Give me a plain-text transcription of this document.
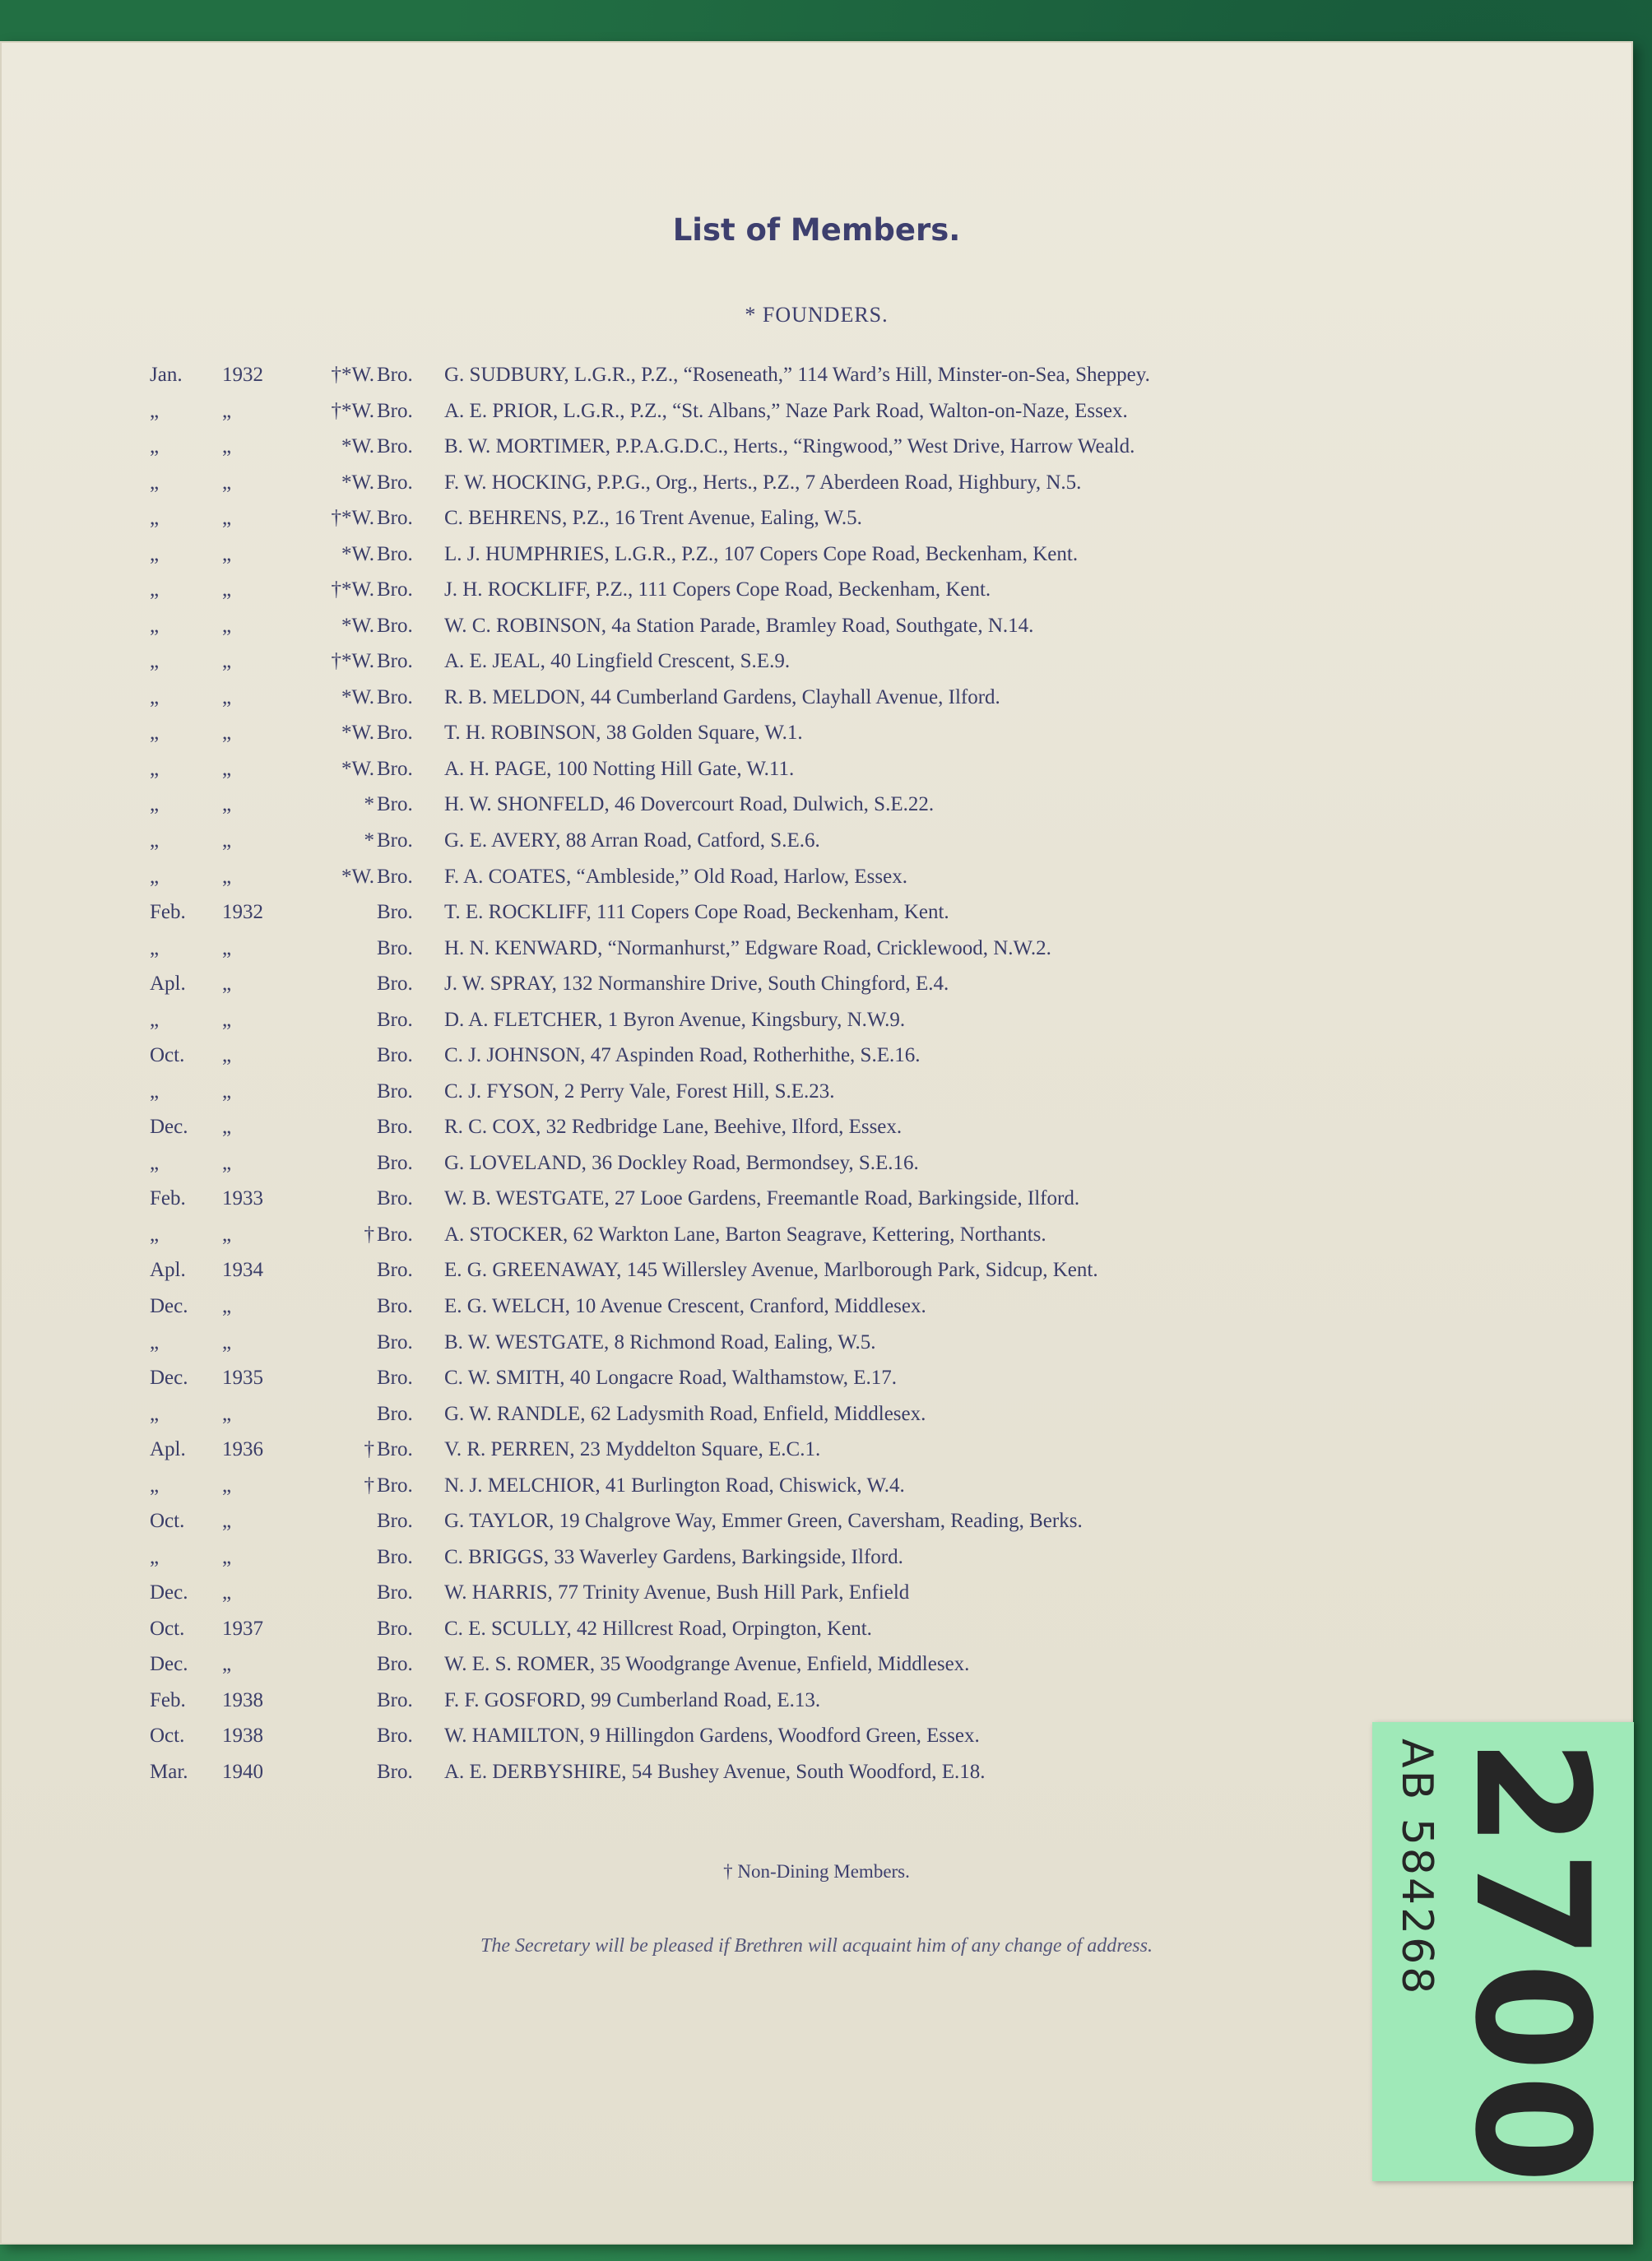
List of Members.
* FOUNDERS.
Jan.	1932	†*W. Bro. G. SUDBURY, L.G.R., P.Z., “Roseneath,” 114 Ward’s Hill, Minster-on-Sea, Sheppey.
„	„	†*W. Bro. A. E. PRIOR, L.G.R., P.Z., “St. Albans,” Naze Park Road, Walton-on-Naze, Essex.
„	„	*W. Bro. B. W. MORTIMER, P.P.A.G.D.C., Herts., “Ringwood,” West Drive, Harrow Weald.
„	„	*W. Bro. F. W. HOCKING, P.P.G., Org., Herts., P.Z., 7 Aberdeen Road, Highbury, N.5.
„	„	†*W. Bro. C. BEHRENS, P.Z., 16 Trent Avenue, Ealing, W.5.
„	„	*W. Bro. L. J. HUMPHRIES, L.G.R., P.Z., 107 Copers Cope Road, Beckenham, Kent.
„	„	†*W. Bro. J. H. ROCKLIFF, P.Z., 111 Copers Cope Road, Beckenham, Kent.
„	„	*W. Bro. W. C. ROBINSON, 4a Station Parade, Bramley Road, Southgate, N.14.
„	„	†*W. Bro. A. E. JEAL, 40 Lingfield Crescent, S.E.9.
„	„	*W. Bro. R. B. MELDON, 44 Cumberland Gardens, Clayhall Avenue, Ilford.
„	„	*W. Bro. T. H. ROBINSON, 38 Golden Square, W.1.
„	„	*W. Bro. A. H. PAGE, 100 Notting Hill Gate, W.11.
„	„	* Bro. H. W. SHONFELD, 46 Dovercourt Road, Dulwich, S.E.22.
„	„	* Bro. G. E. AVERY, 88 Arran Road, Catford, S.E.6.
„	„	*W. Bro. F. A. COATES, “Ambleside,” Old Road, Harlow, Essex.
Feb.	1932	Bro. T. E. ROCKLIFF, 111 Copers Cope Road, Beckenham, Kent.
„	„	Bro. H. N. KENWARD, “Normanhurst,” Edgware Road, Cricklewood, N.W.2.
Apl.	„	Bro. J. W. SPRAY, 132 Normanshire Drive, South Chingford, E.4.
„	„	Bro. D. A. FLETCHER, 1 Byron Avenue, Kingsbury, N.W.9.
Oct.	„	Bro. C. J. JOHNSON, 47 Aspinden Road, Rotherhithe, S.E.16.
„	„	Bro. C. J. FYSON, 2 Perry Vale, Forest Hill, S.E.23.
Dec.	„	Bro. R. C. COX, 32 Redbridge Lane, Beehive, Ilford, Essex.
„	„	Bro. G. LOVELAND, 36 Dockley Road, Bermondsey, S.E.16.
Feb.	1933	Bro. W. B. WESTGATE, 27 Looe Gardens, Freemantle Road, Barkingside, Ilford.
„	„	† Bro. A. STOCKER, 62 Warkton Lane, Barton Seagrave, Kettering, Northants.
Apl.	1934	Bro. E. G. GREENAWAY, 145 Willersley Avenue, Marlborough Park, Sidcup, Kent.
Dec.	„	Bro. E. G. WELCH, 10 Avenue Crescent, Cranford, Middlesex.
„	„	Bro. B. W. WESTGATE, 8 Richmond Road, Ealing, W.5.
Dec.	1935	Bro. C. W. SMITH, 40 Longacre Road, Walthamstow, E.17.
„	„	Bro. G. W. RANDLE, 62 Ladysmith Road, Enfield, Middlesex.
Apl.	1936	† Bro. V. R. PERREN, 23 Myddelton Square, E.C.1.
„	„	† Bro. N. J. MELCHIOR, 41 Burlington Road, Chiswick, W.4.
Oct.	„	Bro. G. TAYLOR, 19 Chalgrove Way, Emmer Green, Caversham, Reading, Berks.
„	„	Bro. C. BRIGGS, 33 Waverley Gardens, Barkingside, Ilford.
Dec.	„	Bro. W. HARRIS, 77 Trinity Avenue, Bush Hill Park, Enfield
Oct.	1937	Bro. C. E. SCULLY, 42 Hillcrest Road, Orpington, Kent.
Dec.	„	Bro. W. E. S. ROMER, 35 Woodgrange Avenue, Enfield, Middlesex.
Feb.	1938	Bro. F. F. GOSFORD, 99 Cumberland Road, E.13.
Oct.	1938	Bro. W. HAMILTON, 9 Hillingdon Gardens, Woodford Green, Essex.
Mar.	1940	Bro. A. E. DERBYSHIRE, 54 Bushey Avenue, South Woodford, E.18.
† Non-Dining Members.
The Secretary will be pleased if Brethren will acquaint him of any change of address.	2700
AB 584268
